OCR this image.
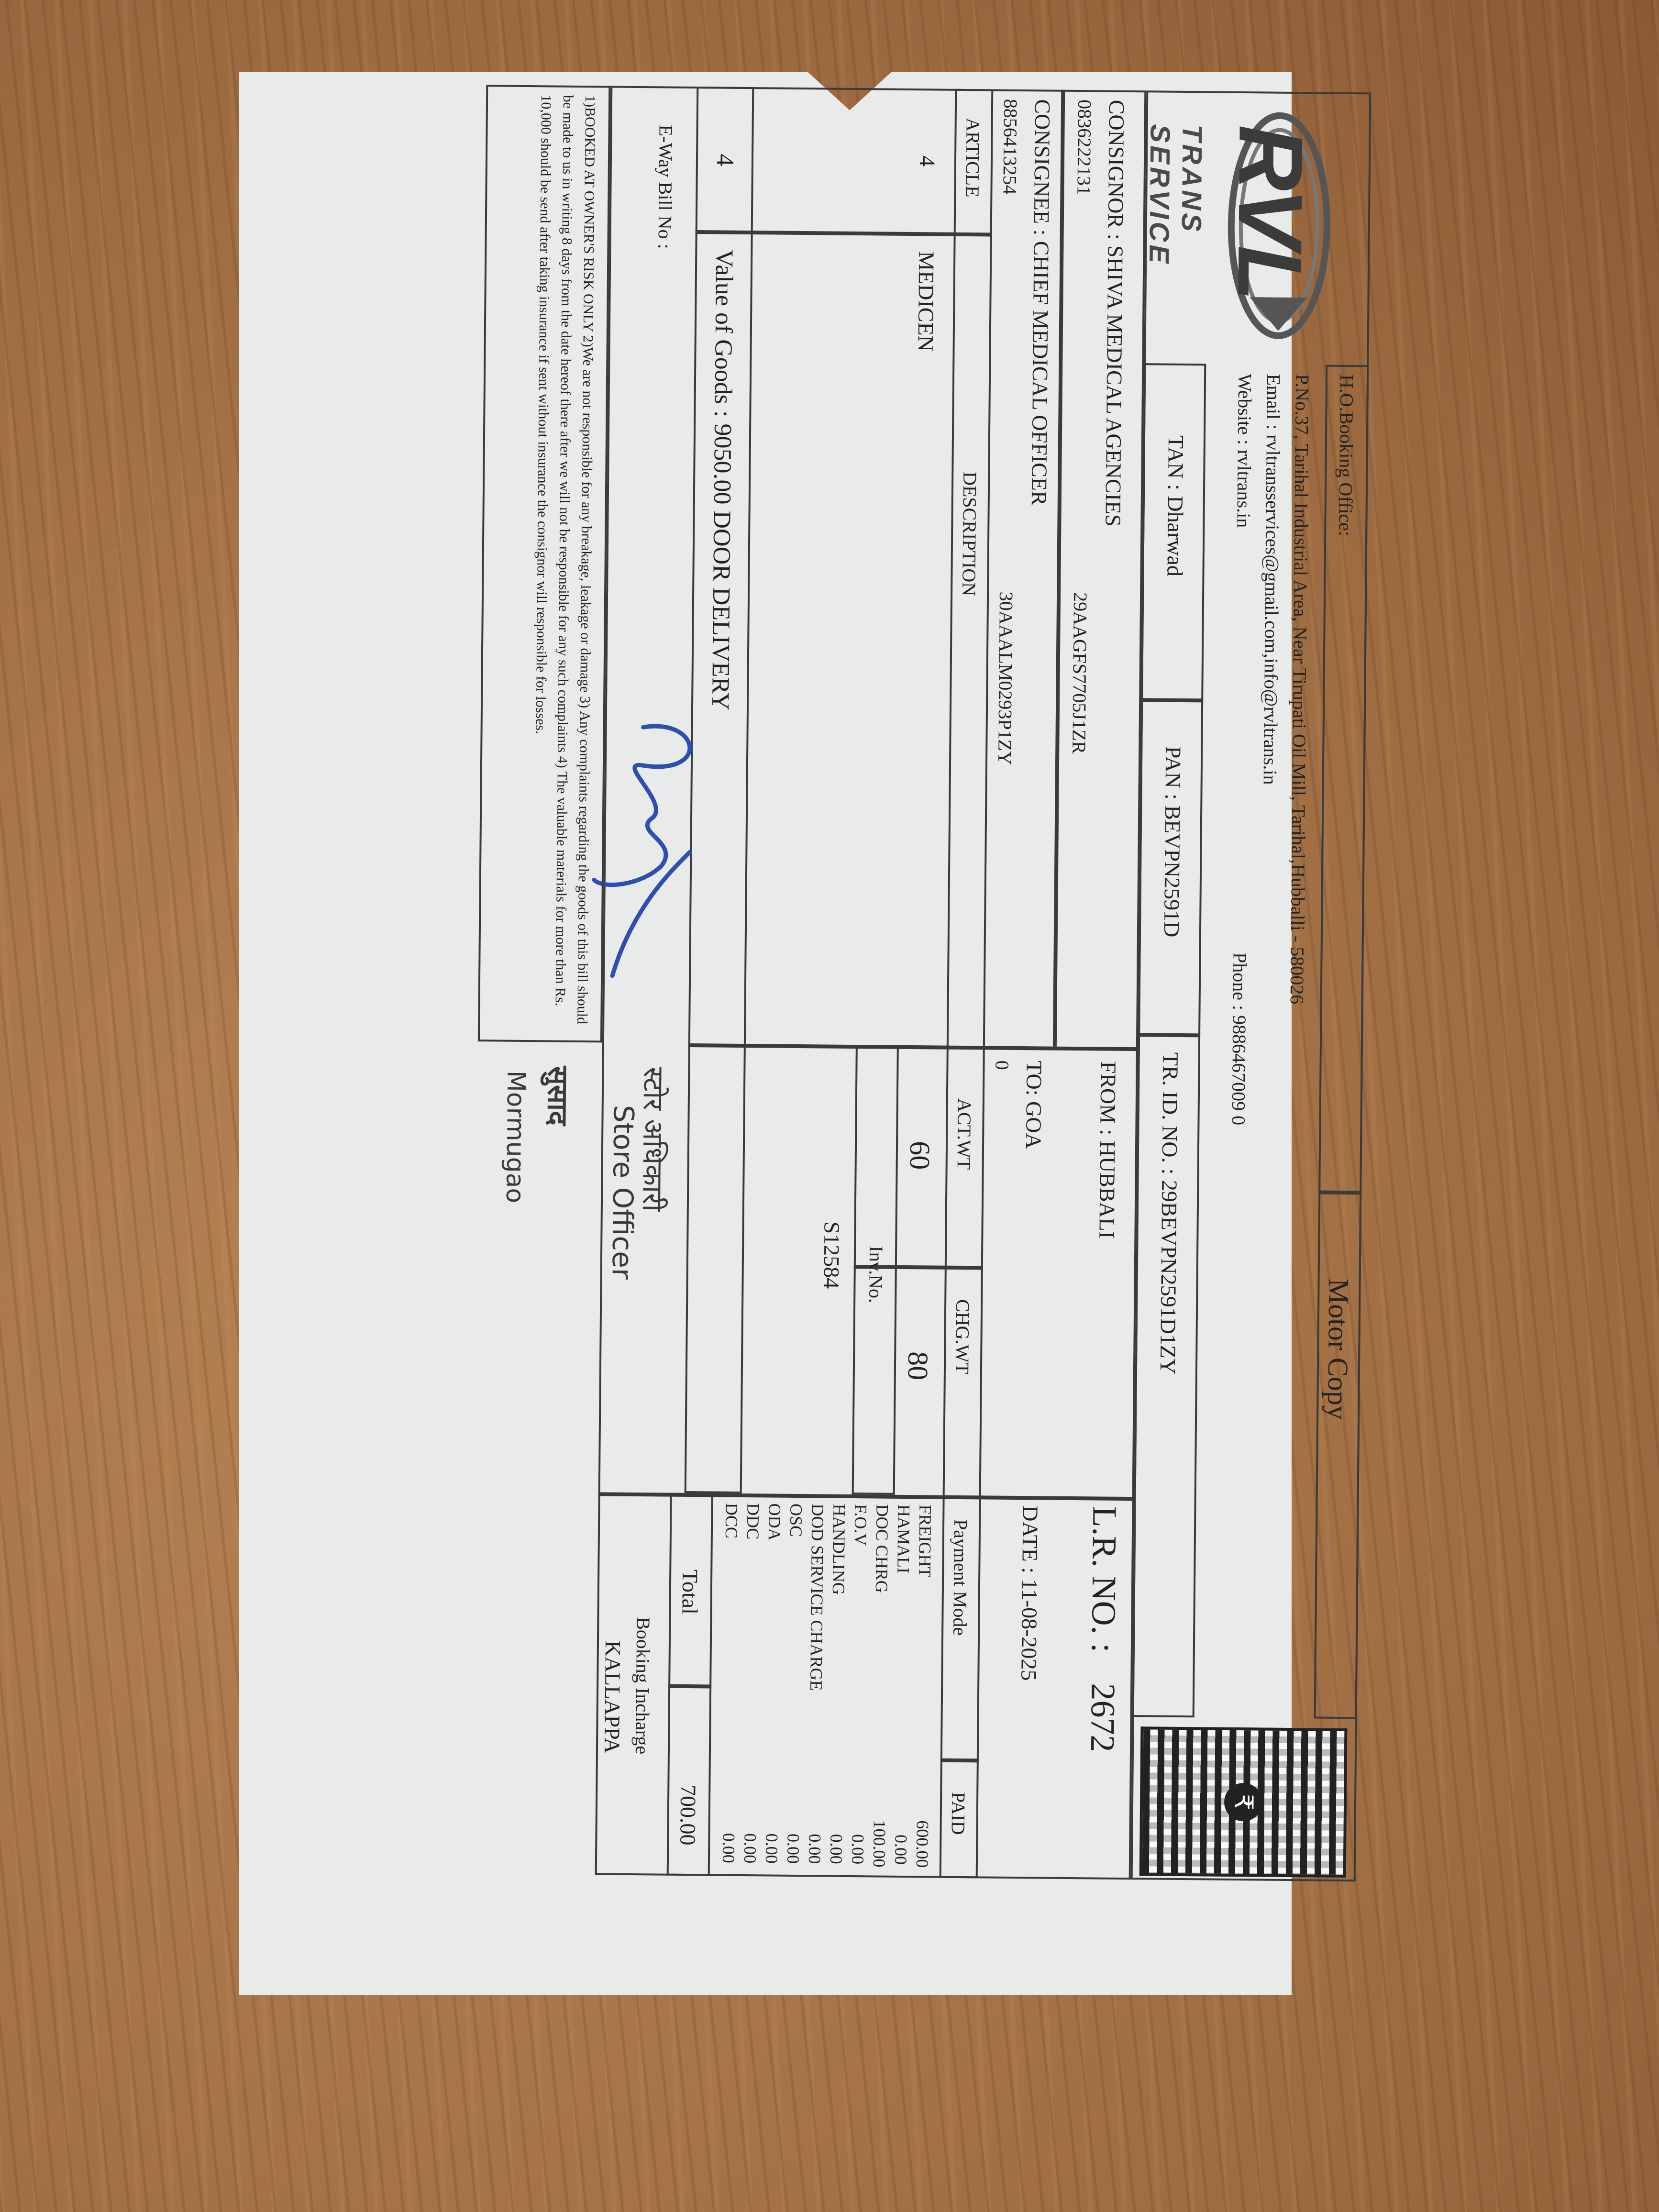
RVL
TRANS SERVICE
H.O.Booking Office:
Motor Copy
P.No.37, Tarihal Industrial Area, Near Tirupati Oil Mill, Tarihal,Hubballi - 580026
Email : rvltransservices@gmail.com,info@rvltrans.in
Website : rvltrans.in
Phone : 9886467009 0
TAN : Dharwad
PAN : BEVPN2591D
TR. ID. NO. : 29BEVPN2591D1ZY
₹
CONSIGNOR : SHIVA MEDICAL AGENCIES
0836222131
29AAGFS7705J1ZR
CONSIGNEE : CHIEF MEDICAL OFFICER
8856413254
30AAALM0293P1ZY
FROM : HUBBALI
TO: GOA
0
L.R. NO. :
2672
DATE : 11-08-2025
ARTICLE
DESCRIPTION
ACT.WT
CHG.WT
Payment Mode
PAID
4
MEDICEN
60
80
Inv.No.
S12584
4
Value of Goods : 9050.00 DOOR DELIVERY
E-Way Bill No :
FREIGHT
600.00
HAMALI
0.00
DOC CHRG
100.00
F.O.V
0.00
HANDLING
0.00
DOD SERVICE CHARGE
0.00
OSC
0.00
ODA
0.00
DDC
0.00
DCC
0.00
Total
700.00
Booking Incharge
KALLAPPA
स्टोर अधिकारी
Store Officer
सुसाद
Mormugao
1)BOOKED AT OWNER'S RISK ONLY 2)We are not responsible for any breakage, leakage or damage 3) Any complaints regarding the goods of this bill should be made to us in writing 8 days from the date hereof there after we will not be responsible for any such complaints 4) The valuable materials for more than Rs. 10,000 should be send after taking insurance if sent without insurance the consignor will responsible for losses.
